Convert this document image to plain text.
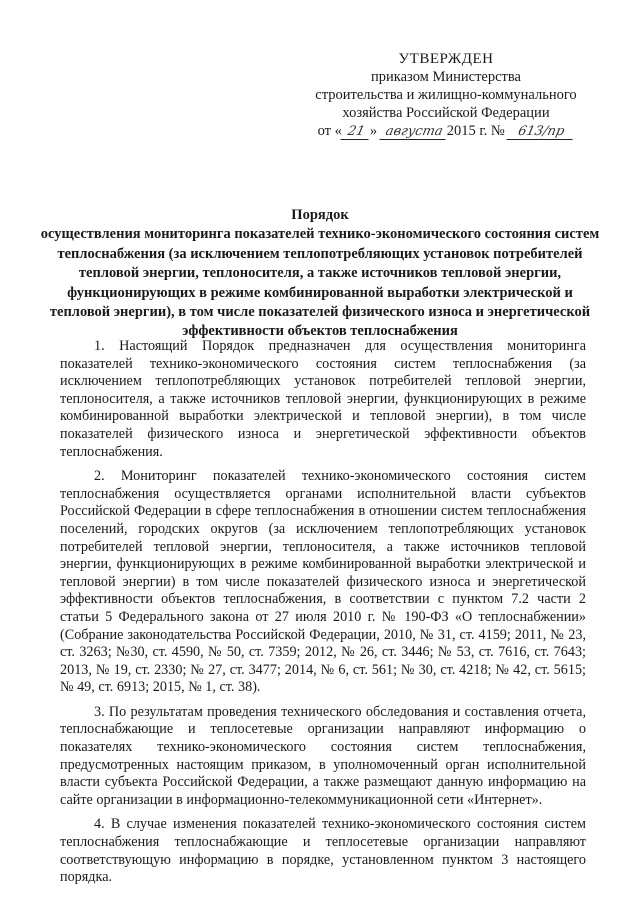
УТВЕРЖДЕН
приказом Министерства
строительства и жилищно-коммунального
хозяйства Российской Федерации
от « 21 » августа 2015 г. № 613/пр
Порядок
осуществления мониторинга показателей технико-экономического состояния систем теплоснабжения (за исключением теплопотребляющих установок потребителей тепловой энергии, теплоносителя, а также источников тепловой энергии, функционирующих в режиме комбинированной выработки электрической и тепловой энергии), в том числе показателей физического износа и энергетической эффективности объектов теплоснабжения

1. Настоящий Порядок предназначен для осуществления мониторинга показателей технико-экономического состояния систем теплоснабжения (за исключением теплопотребляющих установок потребителей тепловой энергии, теплоносителя, а также источников тепловой энергии, функционирующих в режиме комбинированной выработки электрической и тепловой энергии), в том числе показателей физического износа и энергетической эффективности объектов теплоснабжения.

2. Мониторинг показателей технико-экономического состояния систем теплоснабжения осуществляется органами исполнительной власти субъектов Российской Федерации в сфере теплоснабжения в отношении систем теплоснабжения поселений, городских округов (за исключением теплопотребляющих установок потребителей тепловой энергии, теплоносителя, а также источников тепловой энергии, функционирующих в режиме комбинированной выработки электрической и тепловой энергии) в том числе показателей физического износа и энергетической эффективности объектов теплоснабжения, в соответствии с пунктом 7.2 части 2 статьи 5 Федерального закона от 27 июля 2010 г. № 190-ФЗ «О теплоснабжении» (Собрание законодательства Российской Федерации, 2010, № 31, ст. 4159; 2011, № 23, ст. 3263; №30, ст. 4590, № 50, ст. 7359; 2012, № 26, ст. 3446; № 53, ст. 7616, ст. 7643; 2013, № 19, ст. 2330; № 27, ст. 3477; 2014, № 6, ст. 561; № 30, ст. 4218; № 42, ст. 5615; № 49, ст. 6913; 2015, № 1, ст. 38).

3. По результатам проведения технического обследования и составления отчета, теплоснабжающие и теплосетевые организации направляют информацию о показателях технико-экономического состояния систем теплоснабжения, предусмотренных настоящим приказом, в уполномоченный орган исполнительной власти субъекта Российской Федерации, а также размещают данную информацию на сайте организации в информационно-телекоммуникационной сети «Интернет».

4. В случае изменения показателей технико-экономического состояния систем теплоснабжения теплоснабжающие и теплосетевые организации направляют соответствующую информацию в порядке, установленном пунктом 3 настоящего порядка.
